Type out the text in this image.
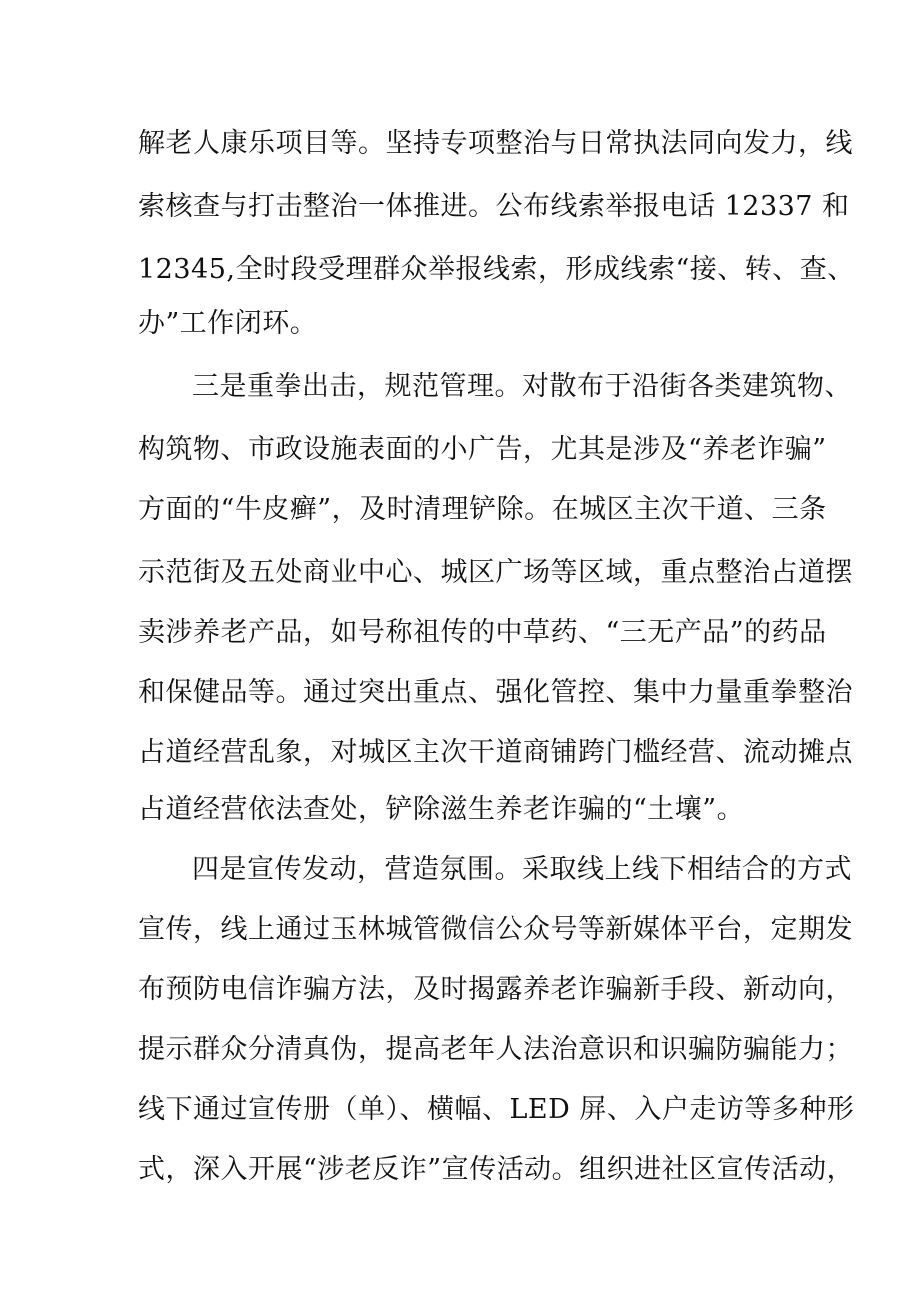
解老人康乐项目等。坚持专项整治与日常执法同向发力，线
索核查与打击整治一体推进。公布线索举报电话 12337 和
12345,全时段受理群众举报线索，形成线索“接、转、查、
办”工作闭环。
三是重拳出击，规范管理。对散布于沿街各类建筑物、
构筑物、市政设施表面的小广告，尤其是涉及“养老诈骗”
方面的“牛皮癣”，及时清理铲除。在城区主次干道、三条
示范街及五处商业中心、城区广场等区域，重点整治占道摆
卖涉养老产品，如号称祖传的中草药、“三无产品”的药品
和保健品等。通过突出重点、强化管控、集中力量重拳整治
占道经营乱象，对城区主次干道商铺跨门槛经营、流动摊点
占道经营依法查处，铲除滋生养老诈骗的“土壤”。
四是宣传发动，营造氛围。采取线上线下相结合的方式
宣传，线上通过玉林城管微信公众号等新媒体平台，定期发
布预防电信诈骗方法，及时揭露养老诈骗新手段、新动向，
提示群众分清真伪，提高老年人法治意识和识骗防骗能力；
线下通过宣传册（单）、横幅、LED 屏、入户走访等多种形
式，深入开展“涉老反诈”宣传活动。组织进社区宣传活动，
